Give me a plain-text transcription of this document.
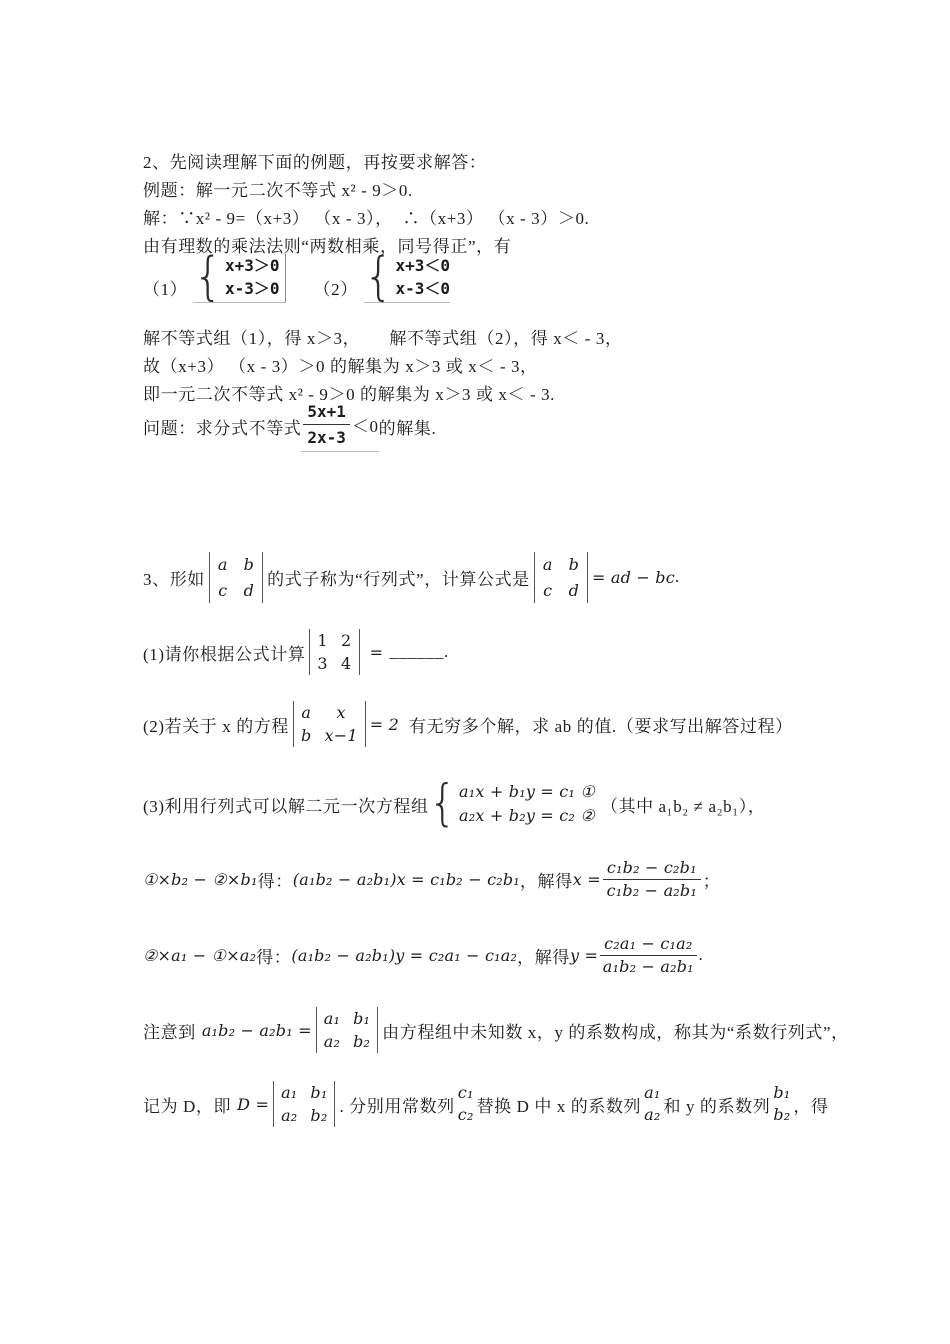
2、先阅读理解下面的例题，再按要求解答：
例题：解一元二次不等式 x² - 9＞0.
解：∵x² - 9=（x+3） （x - 3），  ∴（x+3） （x - 3）＞0.
由有理数的乘法法则“两数相乘，同号得正”，有
（1） { x+3＞0
x-3＞0 （2） { x+3＜0
x-3＜0
解不等式组（1），得 x＞3，      解不等式组（2），得 x＜ - 3，
故（x+3） （x - 3）＞0 的解集为 x＞3 或 x＜ - 3，
即一元二次不等式 x² - 9＞0 的解集为 x＞3 或 x＜ - 3.
问题：求分式不等式 $\frac{5x+1}{2x-3} <0$ 的解集.
3、形如
a b
c d
的式子称为“行列式”，计算公式是
a b
c d
= ad − bc .
(1)请你根据公式计算
1 2
3 4
= ______.
(2)若关于 x 的方程
a	x
b x−1
= 2 有无穷多个解，求 ab 的值.（要求写出解答过程）
(3)利用行列式可以解二元一次方程组 { a₁x + b₁y = c₁ ①
a₂x + b₂y = c₂ ② （其中 a₁b₂ ≠ a₂b₁），
①×b₂ − ②×b₁ 得： (a₁b₂ − a₂b₁)x = c₁b₂ − c₂b₁ ，解得 $x = \frac{\text{c₁b₂ − c₂b₁}}{\text{c₁b₂ − a₂b₁}}$ ；
②×a₁ − ①×a₂ 得： (a₁b₂ − a₂b₁)y = c₂a₁ − c₁a₂ ，解得 $y = \frac{\text{c₂a₁ − c₁a₂}}{\text{a₁b₂ − a₂b₁}}$ .
注意到 a₁b₂ − a₂b₁ =
a₁ b₁
a₂ b₂ 由方程组中未知数 x，y 的系数构成，称其为“系数行列式”，
记为 D，即 D =
a₁ b₁
a₂ b₂ . 分别用常数列
c₁
c₂ 替换 D 中 x 的系数列
a₁
a₂ 和 y 的系数列
b₁
b₂ ，得
